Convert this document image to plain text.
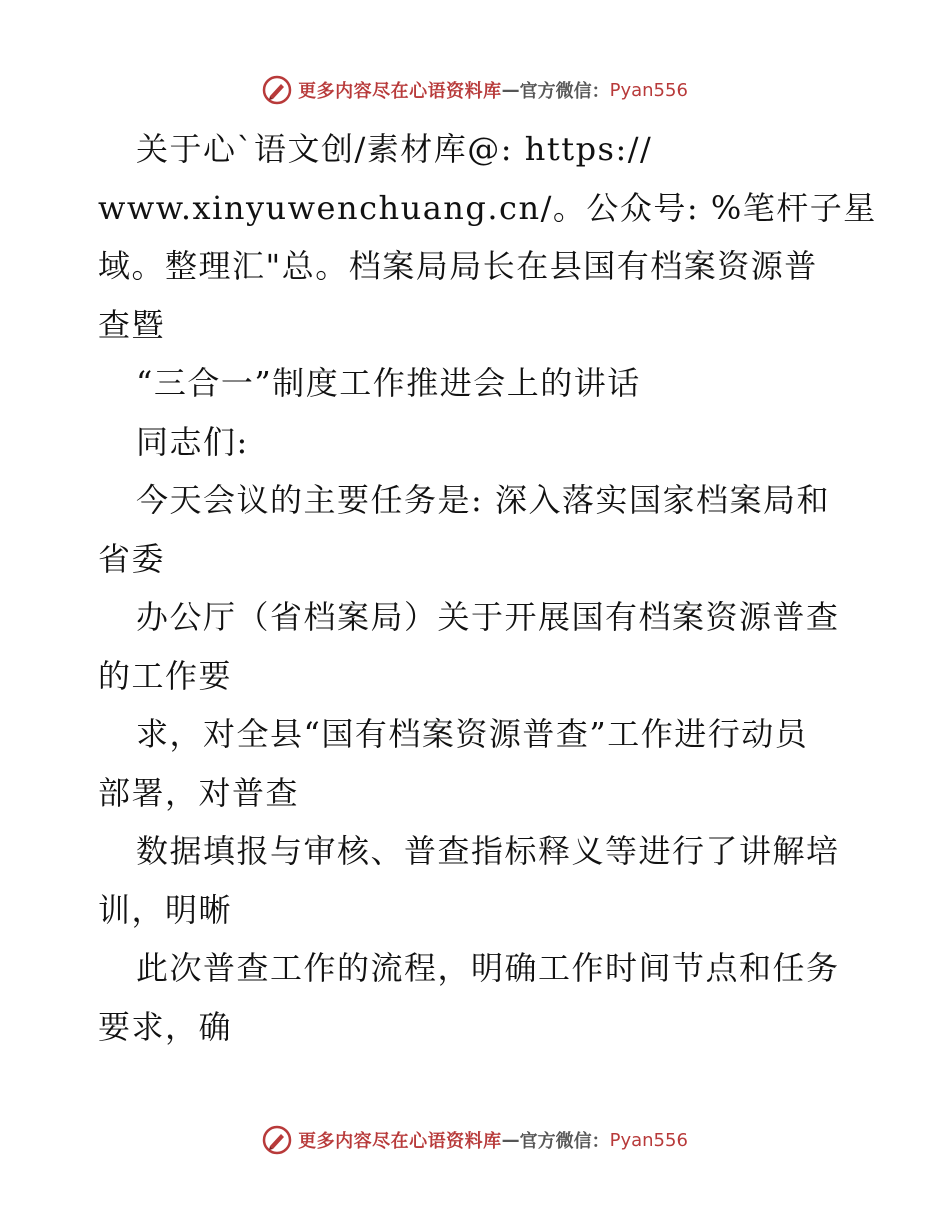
更多内容尽在心语资料库 — 官方微信： Pyan556
关于心`语文创/素材库@: https://
www.xinyuwenchuang.cn/。公众号: %笔杆子星
域。整理汇"总。档案局局长在县国有档案资源普
查暨
“三合一”制度工作推进会上的讲话
同志们:
今天会议的主要任务是: 深入落实国家档案局和
省委
办公厅（省档案局）关于开展国有档案资源普查
的工作要
求，对全县“国有档案资源普查”工作进行动员
部署，对普查
数据填报与审核、普查指标释义等进行了讲解培
训，明晰
此次普查工作的流程，明确工作时间节点和任务
要求，确
更多内容尽在心语资料库 — 官方微信： Pyan556
